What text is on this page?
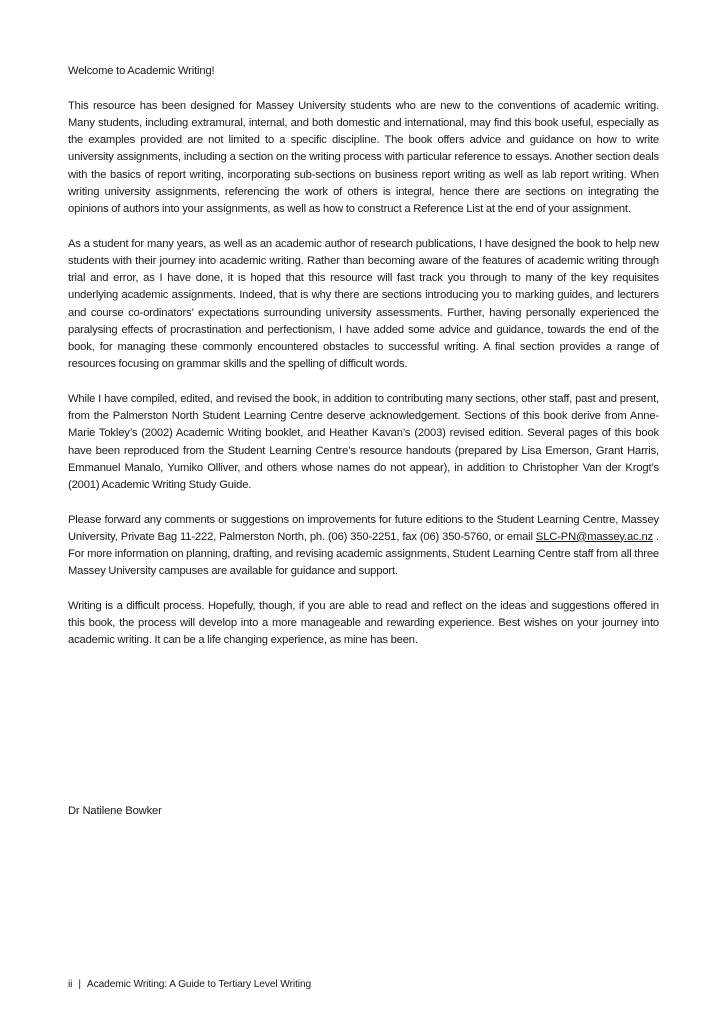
Welcome to Academic Writing!

This resource has been designed for Massey University students who are new to the conventions of academic writing. Many students, including extramural, internal, and both domestic and international, may find this book useful, especially as the examples provided are not limited to a specific discipline. The book offers advice and guidance on how to write university assignments, including a section on the writing process with particular reference to essays. Another section deals with the basics of report writing, incorporating sub-sections on business report writing as well as lab report writing. When writing university assignments, referencing the work of others is integral, hence there are sections on integrating the opinions of authors into your assignments, as well as how to construct a Reference List at the end of your assignment.

As a student for many years, as well as an academic author of research publications, I have designed the book to help new students with their journey into academic writing. Rather than becoming aware of the features of academic writing through trial and error, as I have done, it is hoped that this resource will fast track you through to many of the key requisites underlying academic assignments. Indeed, that is why there are sections introducing you to marking guides, and lecturers and course co-ordinators’ expectations surrounding university assessments. Further, having personally experienced the paralysing effects of procrastination and perfectionism, I have added some advice and guidance, towards the end of the book, for managing these commonly encountered obstacles to successful writing. A final section provides a range of resources focusing on grammar skills and the spelling of difficult words.

While I have compiled, edited, and revised the book, in addition to contributing many sections, other staff, past and present, from the Palmerston North Student Learning Centre deserve acknowledgement. Sections of this book derive from Anne-Marie Tokley’s (2002) Academic Writing booklet, and Heather Kavan’s (2003) revised edition. Several pages of this book have been reproduced from the Student Learning Centre’s resource handouts (prepared by Lisa Emerson, Grant Harris, Emmanuel Manalo, Yumiko Olliver, and others whose names do not appear), in addition to Christopher Van der Krogt’s (2001) Academic Writing Study Guide.

Please forward any comments or suggestions on improvements for future editions to the Student Learning Centre, Massey University, Private Bag 11-222, Palmerston North, ph. (06) 350-2251, fax (06) 350-5760, or email SLC-PN@massey.ac.nz . For more information on planning, drafting, and revising academic assignments, Student Learning Centre staff from all three Massey University campuses are available for guidance and support.

Writing is a difficult process. Hopefully, though, if you are able to read and reflect on the ideas and suggestions offered in this book, the process will develop into a more manageable and rewarding experience. Best wishes on your journey into academic writing. It can be a life changing experience, as mine has been.

Dr Natilene Bowker
ii | Academic Writing: A Guide to Tertiary Level Writing
